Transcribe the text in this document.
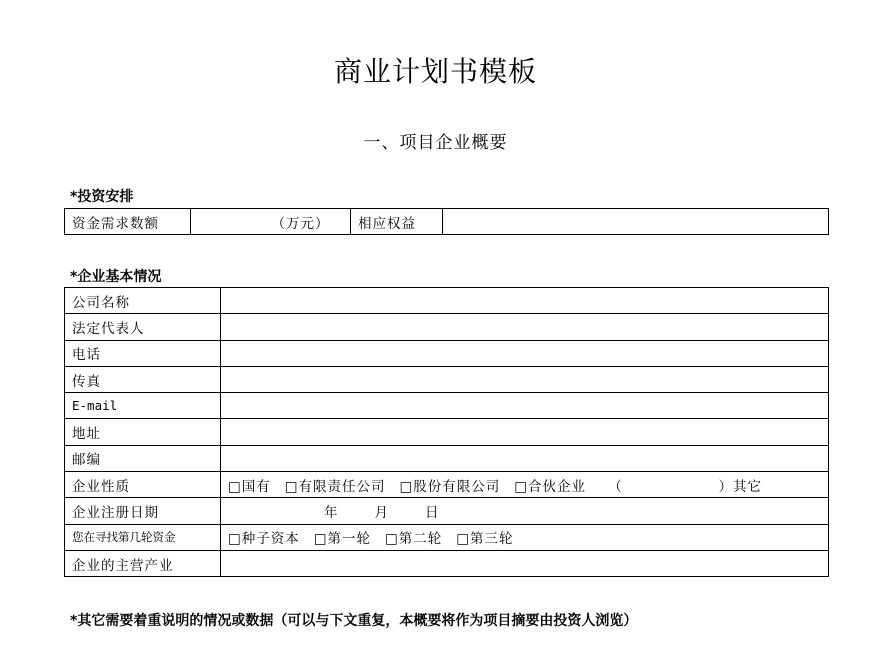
商业计划书模板
一、项目企业概要
*投资安排
资金需求数额	（万元）	相应权益	
*企业基本情况
公司名称	
法定代表人	
电话	
传真	
E-mail	
地址	
邮编	
企业性质	□国有 □有限责任公司 □股份有限公司 □合伙企业 （ ）其它
企业注册日期	年 月 日
您在寻找第几轮资金	□种子资本 □第一轮 □第二轮 □第三轮
企业的主营产业	
*其它需要着重说明的情况或数据（可以与下文重复，本概要将作为项目摘要由投资人浏览）
